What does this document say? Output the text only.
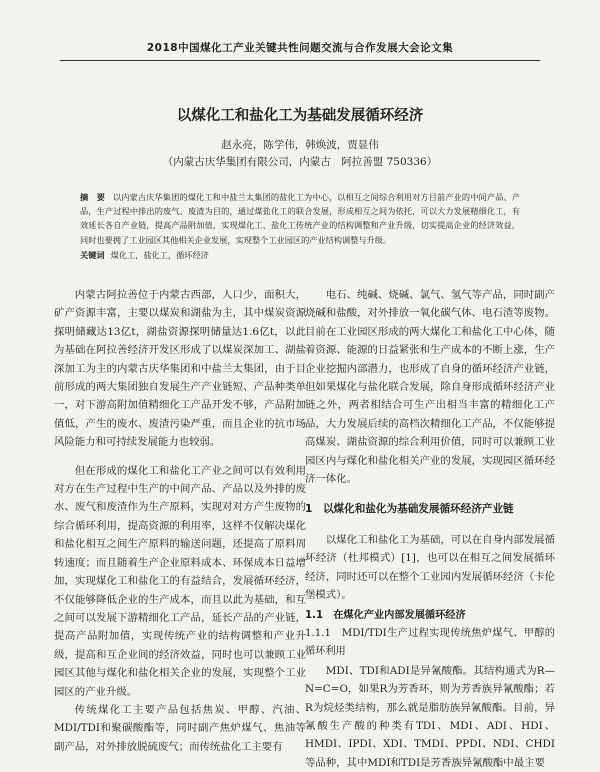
2018中国煤化工产业关键共性问题交流与合作发展大会论文集
以煤化工和盐化工为基础发展循环经济
赵永亮，陈学伟，韩焕波，贾显伟
（内蒙古庆华集团有限公司，内蒙古　阿拉善盟 750336）
摘　要 以内蒙古庆华集团的煤化工和中盐兰太集团的盐化工为中心，以相互之间综合利用对方目前产业的中间产品、产品，生产过程中排出的废气、废渣为目的，通过煤盐化工的联合发展，形成相互之间为依托，可以大力发展精细化工，有效延长各自产业链，提高产品附加值，实现煤化工、盐化工传统产业的结构调整和产业升级，切实提高企业的经济效益，同时也要拥了工业园区其他相关企业发展，实现整个工业园区的产业结构调整与升级。
关键词 煤化工，盐化工，循环经济

内蒙古阿拉善位于内蒙古西部，人口少，面积大，矿产资源丰富，主要以煤炭和湖盐为主，其中煤炭资源探明储藏达13亿t，湖盐资源探明储量达1.6亿t，以此为基础在阿拉善经济开发区形成了以煤炭深加工、湖盐深加工为主的内蒙古庆华集团和中盐兰太集团，由于目前形成的两大集团独自发展生产产业链短、产品种类单一，对下游高附加值精细化工产品开发不够，产品附加值低，产生的废水、废渣污染严重，而且企业的抗市场风险能力和可持续发展能力也较弱。

但在形成的煤化工和盐化工产业之间可以有效利用对方在生产过程中生产的中间产品、产品以及外排的废水、废气和废渣作为生产原料，实现对对方产生废物的综合循环利用，提高资源的利用率，这样不仅解决煤化和盐化相互之间生产原料的输送问题，还提高了原料周转速度；而且随着生产企业原料成本、环保成本日益增加，实现煤化工和盐化工的有益结合，发展循环经济，不仅能够降低企业的生产成本，而且以此为基础，和互之间可以发展下游精细化工产品，延长产品的产业链，提高产品附加值，实现传统产业的结构调整和产业升级，提高和互企业间的经济效益，同时也可以兼顾工业园区其他与煤化和盐化相关企业的发展，实现整个工业园区的产业升级。

传统煤化工主要产品包括焦炭、甲醇、汽油、MDI/TDI和聚碳酸酯等，同时副产焦炉煤气、焦油等副产品，对外排放脱硫废气；而传统盐化工主要有

电石、纯碱、烧碱、氯气、氢气等产品，同时副产烧碱和盐酸，对外排放一氧化碳气体、电石渣等废物。目前在工业园区形成的两大煤化工和盐化工中心体，随着资源、能源的日益紧张和生产成本的不断上涨，生产企业挖掘内部潜力，也形成了自身的循环经济产业链，但如果煤化与盐化联合发展，除自身形成循环经济产业链之外，两者相结合可生产出相当丰富的精细化工产品，大力发展后续的高档次精细化工产品，不仅能够提高煤炭、湖盐资源的综合利用价值，同时可以兼顾工业园区内与煤化和盐化相关产业的发展，实现园区循环经济一体化。

1　以煤化和盐化为基础发展循环经济产业链

以煤化工和盐化工为基础，可以在自身内部发展循环经济（杜邦模式）[1]，也可以在相互之间发展循环经济，同时还可以在整个工业园内发展循环经济（卡伦堡模式）。

1.1　在煤化产业内部发展循环经济
1.1.1　MDI/TDI生产过程实现传统焦炉煤气、甲醇的循环利用

MDI、TDI和ADI是异氰酸酯。其结构通式为R—N=C=O，如果R为芳香环，则为芳香族异氰酸酯；若R为烷烃类结构，那么就是脂肪族异氰酸酯。目前，异氰酸生产酸的种类有TDI、MDI、ADI、HDI、HMDI、IPDI、XDI、TMDI、PPDI、NDI、CHDI等品种，其中MDI和TDI是芳香族异氰酸酯中最主要
